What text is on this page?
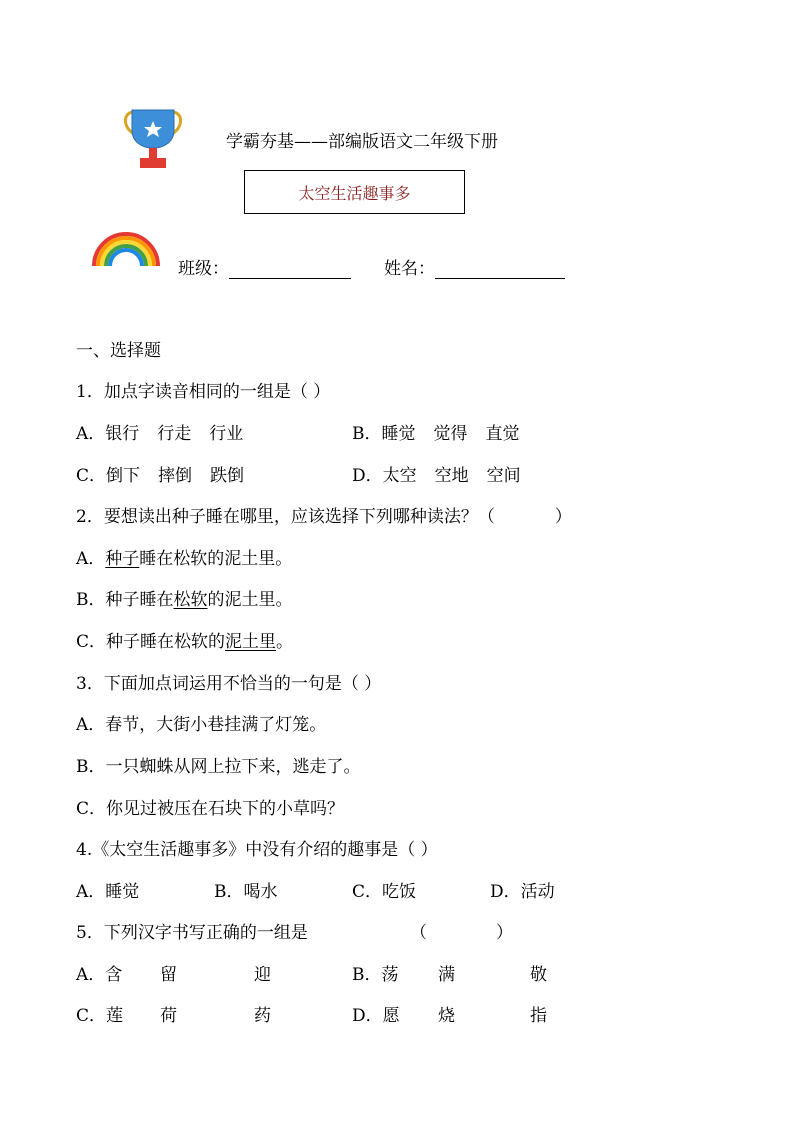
学霸夯基——部编版语文二年级下册
太空生活趣事多
班级：	姓名：
一、选择题
1．加点字读音相同的一组是（ ）
A．银行 行走 行业	B．睡觉 觉得 直觉
C．倒下 摔倒 跌倒	D．太空 空地 空间
2．要想读出种子睡在哪里，应该选择下列哪种读法？（	）
A．种子睡在松软的泥土里。
B．种子睡在松软的泥土里。
C．种子睡在松软的泥土里。
3．下面加点词运用不恰当的一句是（ ）
A．春节，大街小巷挂满了灯笼。
B．一只蜘蛛从网上拉下来，逃走了。
C．你见过被压在石块下的小草吗？
4.《太空生活趣事多》中没有介绍的趣事是（ ）
A．睡觉	B．喝水	C．吃饭	D．活动
5．下列汉字书写正确的一组是	（	）
A．含 留	迎	B．荡 满	敬
C．莲 荷	药	D．愿 烧	指
